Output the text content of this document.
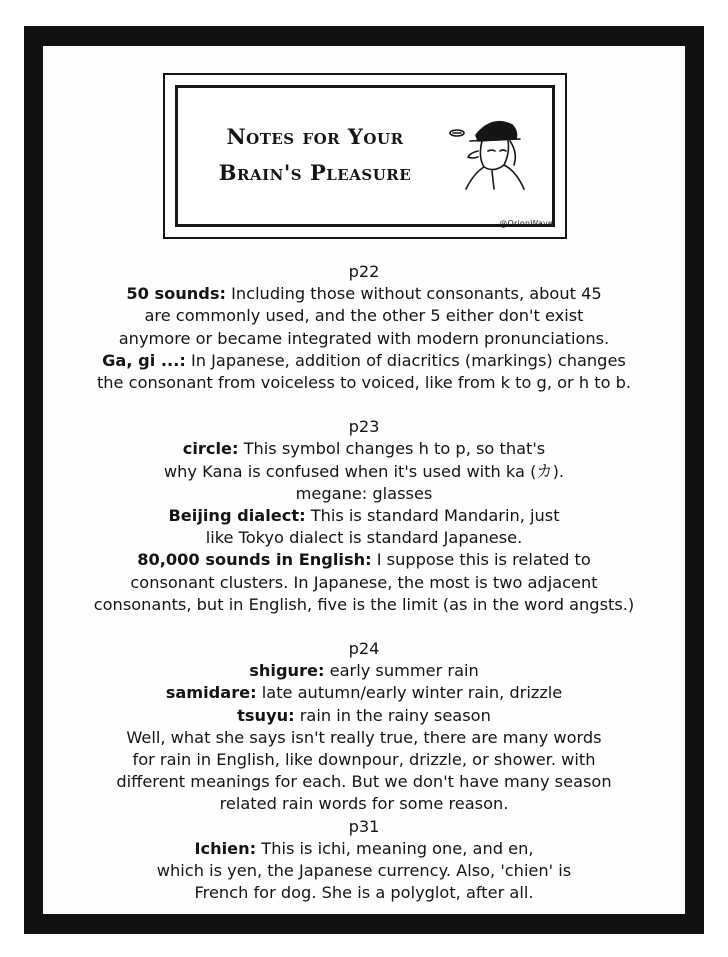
Notes for Your
Brain's Pleasure
@OrionWave
p22
50 sounds: Including those without consonants, about 45
are commonly used, and the other 5 either don't exist
anymore or became integrated with modern pronunciations.
Ga, gi ...: In Japanese, addition of diacritics (markings) changes
the consonant from voiceless to voiced, like from k to g, or h to b.
p23
circle: This symbol changes h to p, so that's
why Kana is confused when it's used with ka (カ).
megane: glasses
Beijing dialect: This is standard Mandarin, just
like Tokyo dialect is standard Japanese.
80,000 sounds in English: I suppose this is related to
consonant clusters. In Japanese, the most is two adjacent
consonants, but in English, five is the limit (as in the word angsts.)
p24
shigure: early summer rain
samidare: late autumn/early winter rain, drizzle
tsuyu: rain in the rainy season
Well, what she says isn't really true, there are many words
for rain in English, like downpour, drizzle, or shower. with
different meanings for each. But we don't have many season
related rain words for some reason.
p31
Ichien: This is ichi, meaning one, and en,
which is yen, the Japanese currency. Also, 'chien' is
French for dog. She is a polyglot, after all.
